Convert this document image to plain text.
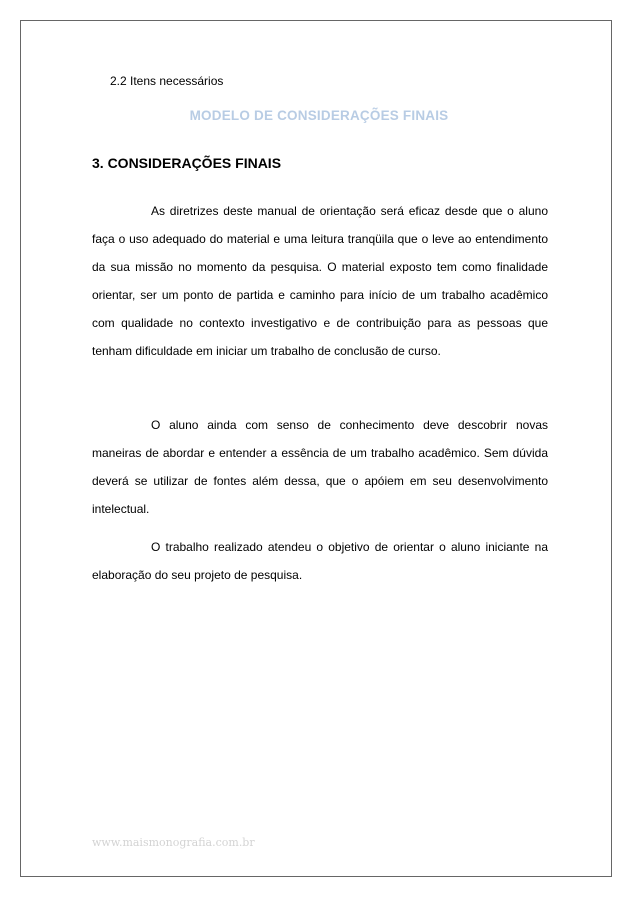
2.2 Itens necessários
MODELO DE CONSIDERAÇÕES FINAIS
3. CONSIDERAÇÕES FINAIS

As diretrizes deste manual de orientação será eficaz desde que o aluno faça o uso adequado do material e uma leitura tranqüila que o leve ao entendimento da sua missão no momento da pesquisa. O material exposto tem como finalidade orientar, ser um ponto de partida e caminho para início de um trabalho acadêmico com qualidade no contexto investigativo e de contribuição para as pessoas que tenham dificuldade em iniciar um trabalho de conclusão de curso.

O aluno ainda com senso de conhecimento deve descobrir novas maneiras de abordar e entender a essência de um trabalho acadêmico. Sem dúvida deverá se utilizar de fontes além dessa, que o apóiem em seu desenvolvimento intelectual.

O trabalho realizado atendeu o objetivo de orientar o aluno iniciante na elaboração do seu projeto de pesquisa.

www.maismonografia.com.br
